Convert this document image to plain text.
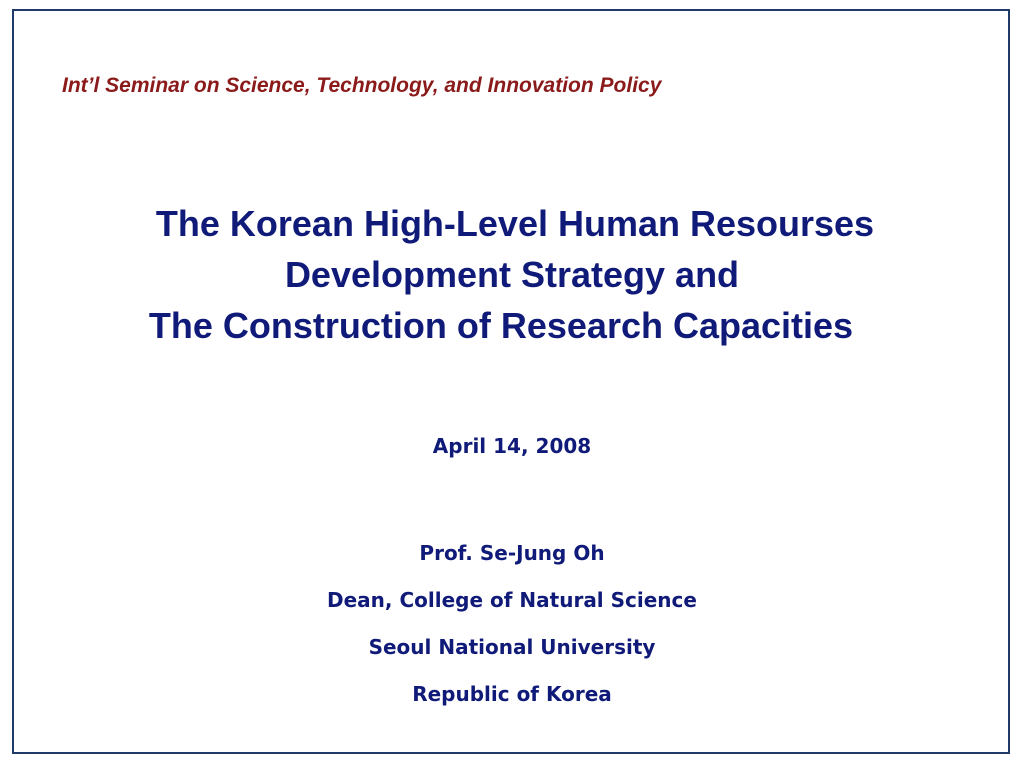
Int’l Seminar on Science, Technology, and Innovation Policy

The Korean High-Level Human Resourses
Development Strategy and
The Construction of Research Capacities

April 14, 2008

Prof. Se-Jung Oh
Dean, College of Natural Science
Seoul National University
Republic of Korea
